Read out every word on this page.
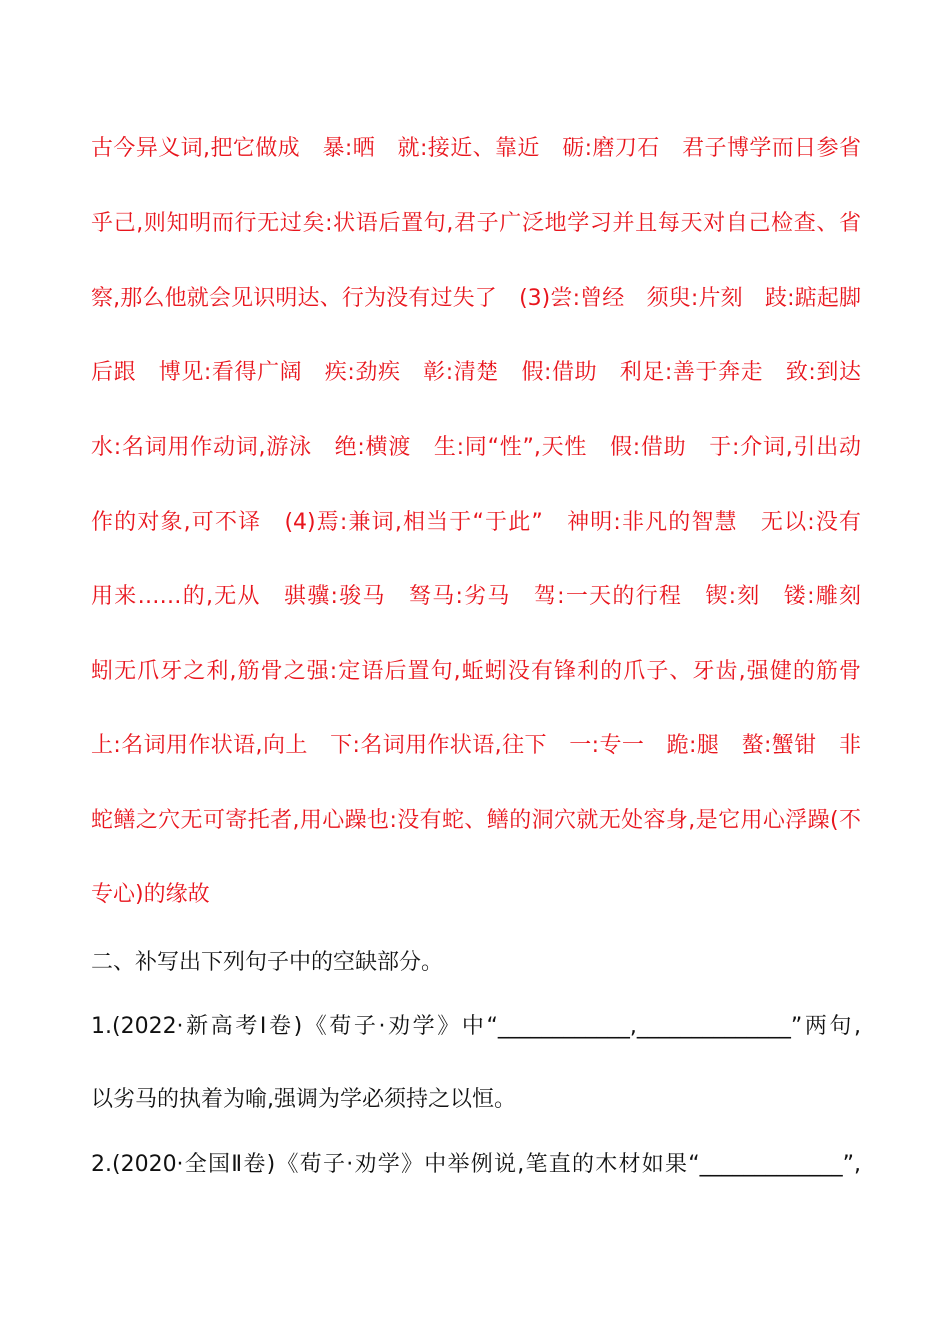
古今异义词,把它做成　暴:晒　就:接近、靠近　砺:磨刀石　君子博学而日参省
乎己,则知明而行无过矣:状语后置句,君子广泛地学习并且每天对自己检查、省
察,那么他就会见识明达、行为没有过失了　(3)尝:曾经　须臾:片刻　跂:踮起脚
后跟　博见:看得广阔　疾:劲疾　彰:清楚　假:借助　利足:善于奔走　致:到达
水:名词用作动词,游泳　绝:横渡　生:同“性”,天性　假:借助　于:介词,引出动
作的对象,可不译　(4)焉:兼词,相当于“于此”　神明:非凡的智慧　无以:没有
用来……的,无从　骐骥:骏马　驽马:劣马　驾:一天的行程　锲:刻　镂:雕刻
蚓无爪牙之利,筋骨之强:定语后置句,蚯蚓没有锋利的爪子、牙齿,强健的筋骨
上:名词用作状语,向上　下:名词用作状语,往下　一:专一　跪:腿　螯:蟹钳　非
蛇鳝之穴无可寄托者,用心躁也:没有蛇、鳝的洞穴就无处容身,是它用心浮躁(不
专心)的缘故
二、补写出下列句子中的空缺部分。
1.(2022·新高考Ⅰ卷)《荀子·劝学》中“____________,______________”两句,
以劣马的执着为喻,强调为学必须持之以恒。
2.(2020·全国Ⅱ卷)《荀子·劝学》中举例说,笔直的木材如果“_____________”,
